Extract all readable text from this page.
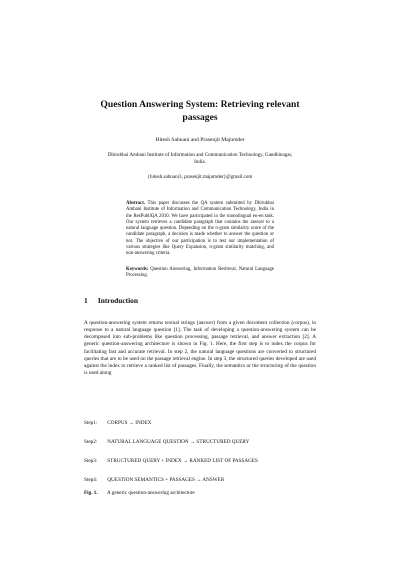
Question Answering System: Retrieving relevant
passages
Hitesh Sabnani and Prasenjit Majumder
Dhirubhai Ambani Institute of Information and Communication Technology, Gandhinagar,
India.
{hitesh.sabnani3, prasenjit.majumder}@gmail.com
Abstract. This paper discusses the QA system submitted by Dhirubhai Ambani Institute of Information and Communication Technology, India in the ResPubliQA 2010. We have participated in the monolingual en-en task. Our system retrieves a candidate paragraph that contains the answer to a natural language question. Depending on the n-gram similarity score of the candidate paragraph, a decision is made whether to answer the question or not. The objective of our participation is to test our implementation of various strategies like Query Expansion, n-gram similarity matching, and non-answering criteria.
Keywords: Question Answering, Information Retrieval, Natural Language Processing.
1 Introduction
A question-answering system returns textual strings (answer) from a given document collection (corpus), in response to a natural language question [1]. The task of developing a question-answering system can be decomposed into sub-problems like question processing, passage retrieval, and answer extraction [2]. A generic question-answering architecture is shown in Fig. 1. Here, the first step is to index the corpus for facilitating fast and accurate retrieval. In step 2, the natural language questions are converted to structured queries that are to be used on the passage retrieval engine. In step 3, the structured queries developed are used against the index to retrieve a ranked list of passages. Finally, the semantics or the structuring of the question is used along
Step1: CORPUS → INDEX
Step2: NATURAL LANGUAGE QUESTION → STRUCTURED QUERY
Step3: STRUCTURED QUERY + INDEX → RANKED LIST OF PASSAGES
Step4: QUESTION SEMANTICS + PASSAGES → ANSWER
Fig. 1. A generic question-answering architecture
